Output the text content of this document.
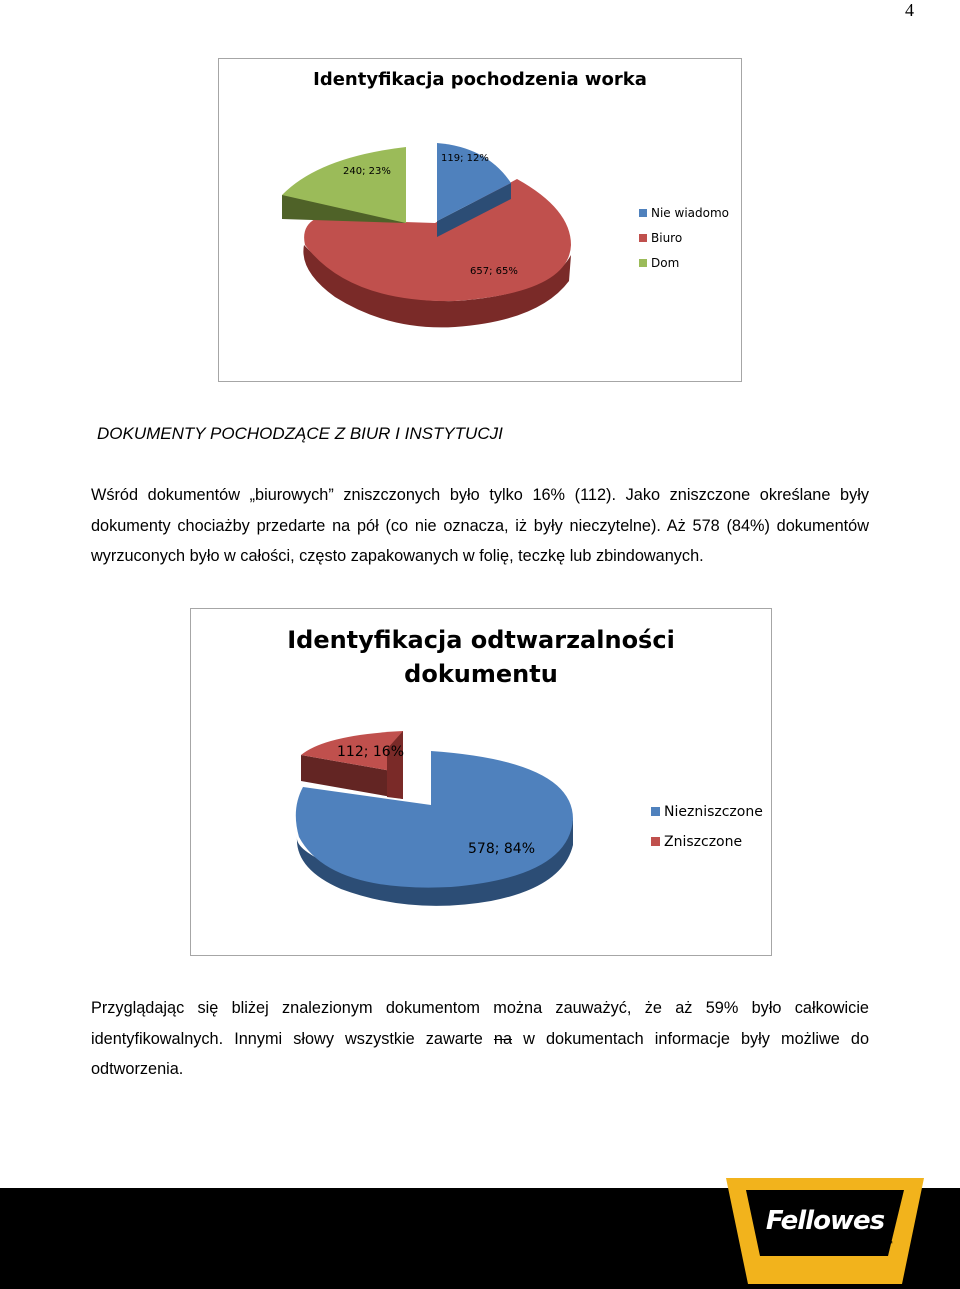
4
Identyfikacja pochodzenia worka
240; 23%
119; 12%
657; 65%
Nie wiadomo
Biuro
Dom
DOKUMENTY POCHODZĄCE Z BIUR I INSTYTUCJI
Wśród dokumentów „biurowych” zniszczonych było tylko 16% (112). Jako zniszczone określane były dokumenty chociażby przedarte na pół (co nie oznacza, iż były nieczytelne). Aż 578 (84%) dokumentów wyrzuconych było w całości, często zapakowanych w folię, teczkę lub zbindowanych.
Identyfikacja odtwarzalności
dokumentu
112; 16%
578; 84%
Niezniszczone
Zniszczone
Przyglądając się bliżej znalezionym dokumentom można zauważyć, że aż 59% było całkowicie identyfikowalnych. Innymi słowy wszystkie zawarte na w dokumentach informacje były możliwe do odtworzenia.
Fellowes
WORK BETTER™
